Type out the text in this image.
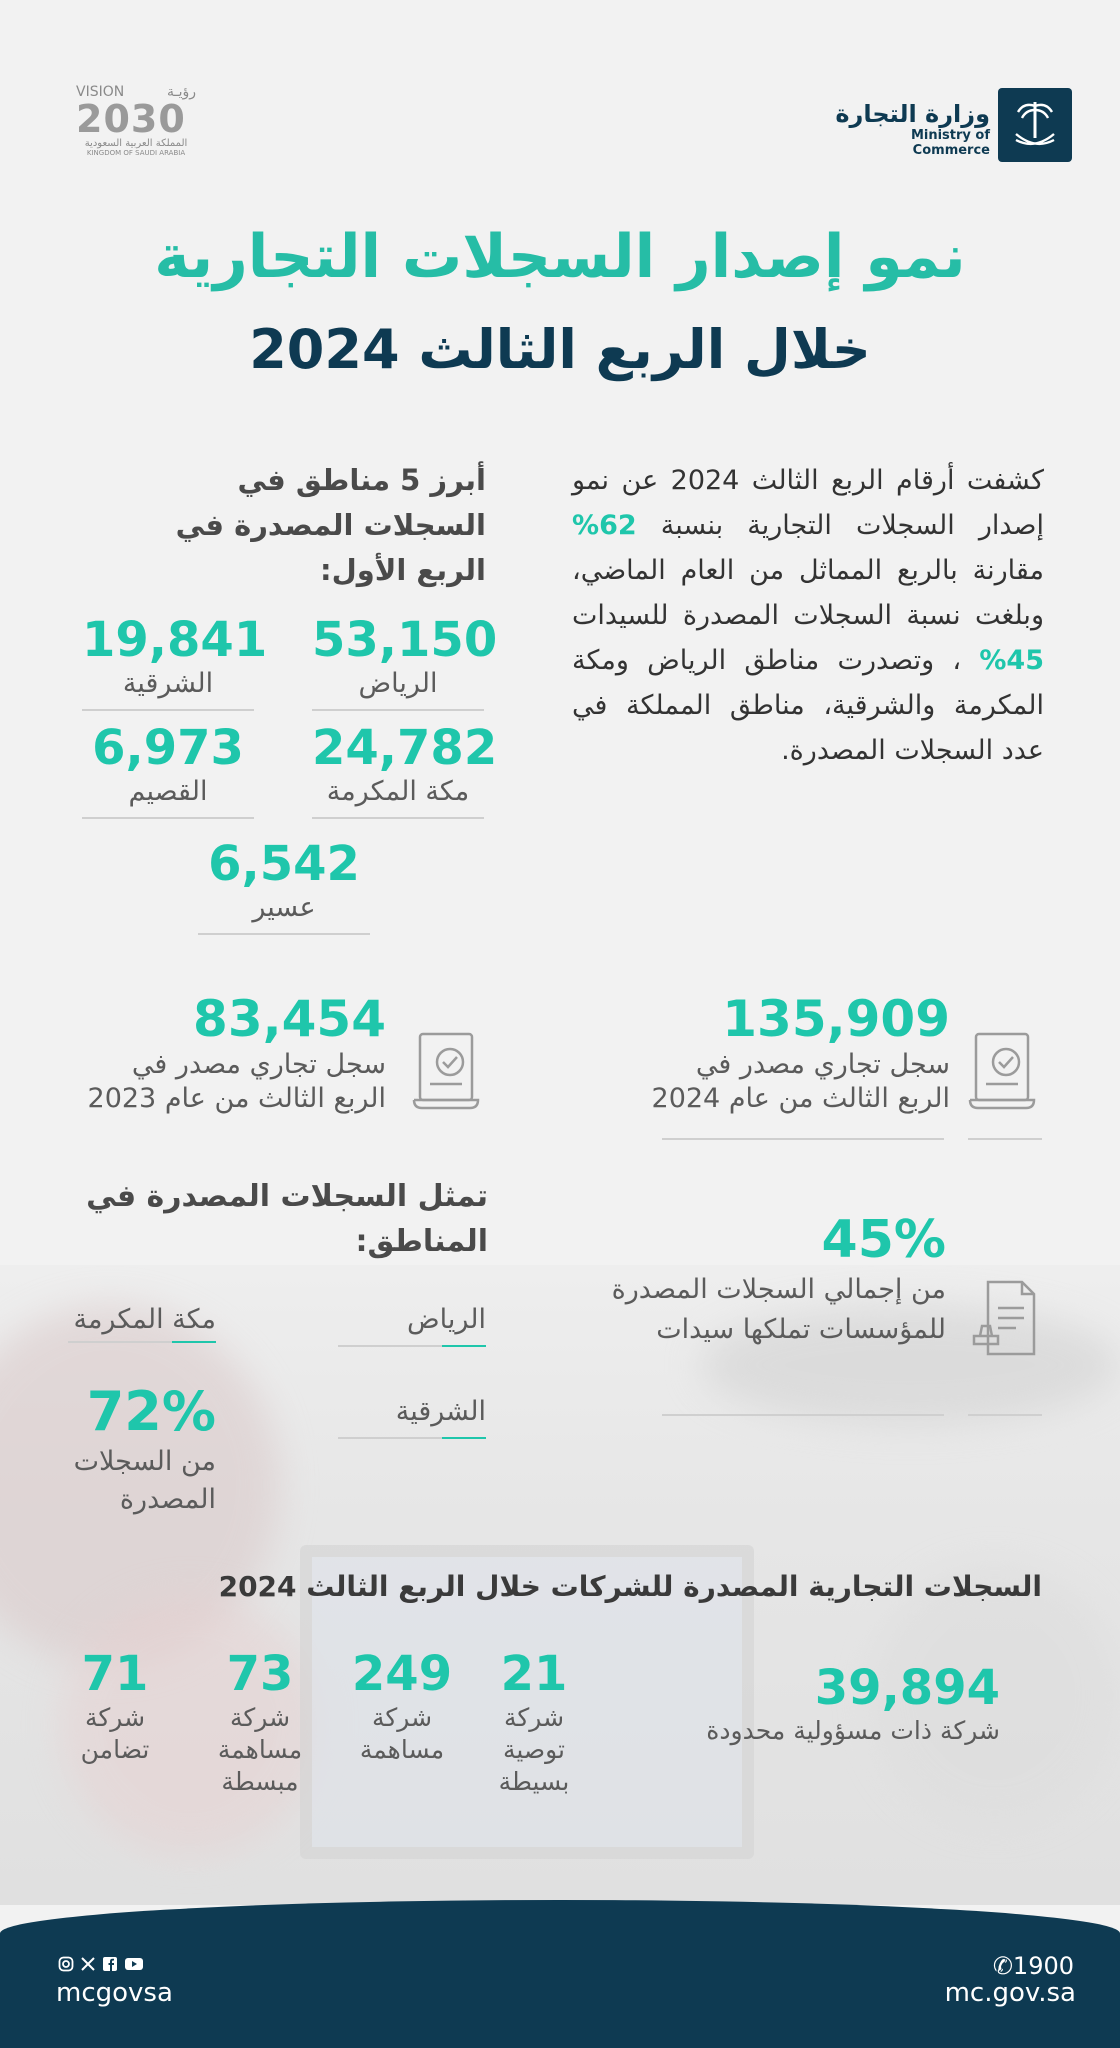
وزارة التجارة
Ministry of Commerce
VISION	رؤيـة
2030
المملكة العربية السعودية
KINGDOM OF SAUDI ARABIA
نمو إصدار السجلات التجارية
خلال الربع الثالث 2024
كشفت أرقام الربع الثالث 2024 عن نمو إصدار السجلات التجارية بنسبة 62% مقارنة بالربع المماثل من العام الماضي، وبلغت نسبة السجلات المصدرة للسيدات 45% ، وتصدرت مناطق الرياض ومكة المكرمة والشرقية، مناطق المملكة في عدد السجلات المصدرة.
أبرز 5 مناطق في السجلات المصدرة في الربع الأول:
53,150
الرياض
19,841
الشرقية
24,782
مكة المكرمة
6,973
القصيم
6,542
عسير
135,909
سجل تجاري مصدر في
الربع الثالث من عام 2024
83,454
سجل تجاري مصدر في
الربع الثالث من عام 2023
تمثل السجلات المصدرة في المناطق:	45%
من إجمالي السجلات المصدرة
للمؤسسات تملكها سيدات
الرياض
مكة المكرمة
الشرقية
72%
من السجلات
المصدرة
السجلات التجارية المصدرة للشركات خلال الربع الثالث 2024
39,894
شركة ذات مسؤولية محدودة
21
شركة توصية بسيطة
249
شركة مساهمة
73
شركة مساهمة مبسطة
71
شركة تضامن
mcgovsa
✆1900
mc.gov.sa
